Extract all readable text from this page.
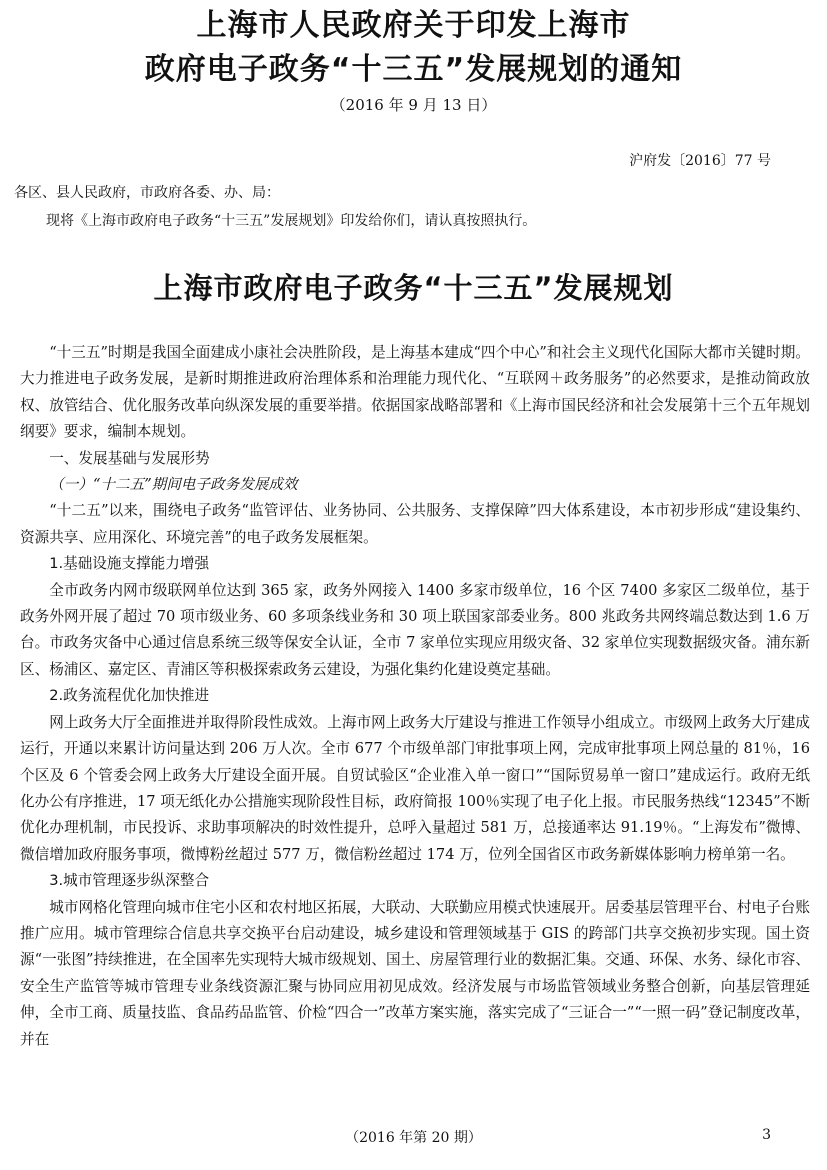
上海市人民政府关于印发上海市
政府电子政务“十三五”发展规划的通知
（2016 年 9 月 13 日）
沪府发〔2016〕77 号
各区、县人民政府，市政府各委、办、局：
现将《上海市政府电子政务“十三五”发展规划》印发给你们，请认真按照执行。
上海市政府电子政务“十三五”发展规划

“十三五”时期是我国全面建成小康社会决胜阶段，是上海基本建成“四个中心”和社会主义现代化国际大都市关键时期。大力推进电子政务发展，是新时期推进政府治理体系和治理能力现代化、“互联网＋政务服务”的必然要求，是推动简政放权、放管结合、优化服务改革向纵深发展的重要举措。依据国家战略部署和《上海市国民经济和社会发展第十三个五年规划纲要》要求，编制本规划。

一、发展基础与发展形势

（一）“十二五”期间电子政务发展成效

“十二五”以来，围绕电子政务“监管评估、业务协同、公共服务、支撑保障”四大体系建设，本市初步形成“建设集约、资源共享、应用深化、环境完善”的电子政务发展框架。

1.基础设施支撑能力增强

全市政务内网市级联网单位达到 365 家，政务外网接入 1400 多家市级单位，16 个区 7400 多家区二级单位，基于政务外网开展了超过 70 项市级业务、60 多项条线业务和 30 项上联国家部委业务。800 兆政务共网终端总数达到 1.6 万台。市政务灾备中心通过信息系统三级等保安全认证，全市 7 家单位实现应用级灾备、32 家单位实现数据级灾备。浦东新区、杨浦区、嘉定区、青浦区等积极探索政务云建设，为强化集约化建设奠定基础。

2.政务流程优化加快推进

网上政务大厅全面推进并取得阶段性成效。上海市网上政务大厅建设与推进工作领导小组成立。市级网上政务大厅建成运行，开通以来累计访问量达到 206 万人次。全市 677 个市级单部门审批事项上网，完成审批事项上网总量的 81％，16 个区及 6 个管委会网上政务大厅建设全面开展。自贸试验区“企业准入单一窗口”“国际贸易单一窗口”建成运行。政府无纸化办公有序推进，17 项无纸化办公措施实现阶段性目标，政府简报 100％实现了电子化上报。市民服务热线“12345”不断优化办理机制，市民投诉、求助事项解决的时效性提升，总呼入量超过 581 万，总接通率达 91.19％。“上海发布”微博、微信增加政府服务事项，微博粉丝超过 577 万，微信粉丝超过 174 万，位列全国省区市政务新媒体影响力榜单第一名。

3.城市管理逐步纵深整合

城市网格化管理向城市住宅小区和农村地区拓展，大联动、大联勤应用模式快速展开。居委基层管理平台、村电子台账推广应用。城市管理综合信息共享交换平台启动建设，城乡建设和管理领域基于 GIS 的跨部门共享交换初步实现。国土资源“一张图”持续推进，在全国率先实现特大城市级规划、国土、房屋管理行业的数据汇集。交通、环保、水务、绿化市容、安全生产监管等城市管理专业条线资源汇聚与协同应用初见成效。经济发展与市场监管领域业务整合创新，向基层管理延伸，全市工商、质量技监、食品药品监管、价检“四合一”改革方案实施，落实完成了“三证合一”“一照一码”登记制度改革，并在

（2016 年第 20 期）	3
